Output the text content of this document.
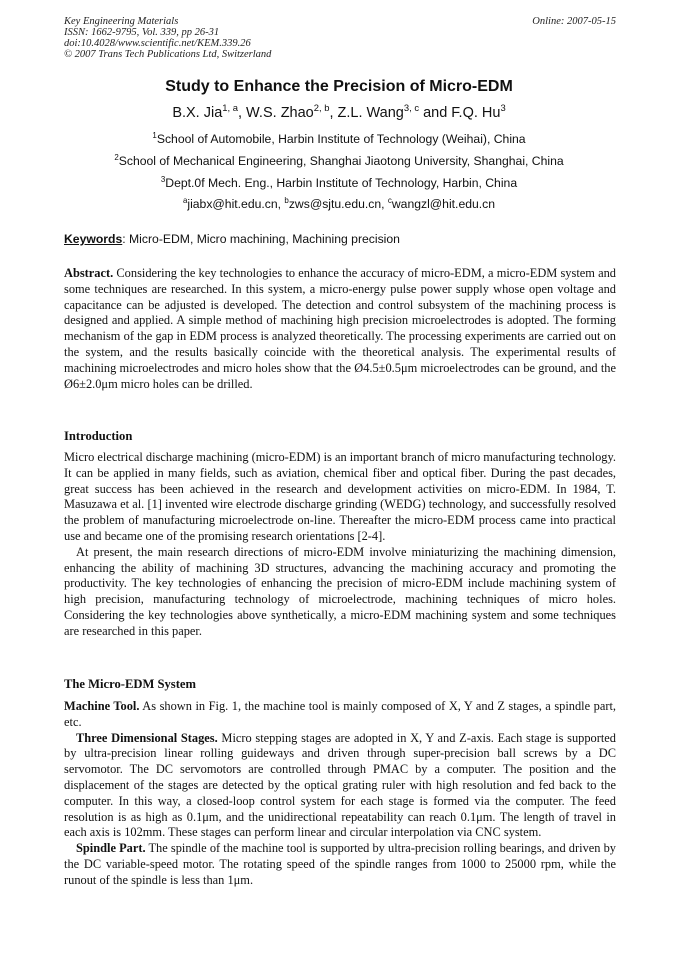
Key Engineering Materials
ISSN: 1662-9795, Vol. 339, pp 26-31
doi:10.4028/www.scientific.net/KEM.339.26
© 2007 Trans Tech Publications Ltd, Switzerland
Online: 2007-05-15
Study to Enhance the Precision of Micro-EDM
B.X. Jia$^{1, a}$, W.S. Zhao$^{2, b}$, Z.L. Wang$^{3, c}$ and F.Q. Hu$^3$
$^1$School of Automobile, Harbin Institute of Technology (Weihai), China
$^2$School of Mechanical Engineering, Shanghai Jiaotong University, Shanghai, China
$^3$Dept.0f Mech. Eng., Harbin Institute of Technology, Harbin, China
$^a$jiabx@hit.edu.cn, $^b$zws@sjtu.edu.cn, $^c$wangzl@hit.edu.cn
Keywords: Micro-EDM, Micro machining, Machining precision

Abstract. Considering the key technologies to enhance the accuracy of micro-EDM, a micro-EDM system and some techniques are researched. In this system, a micro-energy pulse power supply whose open voltage and capacitance can be adjusted is developed. The detection and control subsystem of the machining process is designed and applied. A simple method of machining high precision microelectrodes is adopted. The forming mechanism of the gap in EDM process is analyzed theoretically. The processing experiments are carried out on the system, and the results basically coincide with the theoretical analysis. The experimental results of machining microelectrodes and micro holes show that the Ø4.5±0.5μm microelectrodes can be ground, and the Ø6±2.0μm micro holes can be drilled.

Introduction

Micro electrical discharge machining (micro-EDM) is an important branch of micro manufacturing technology. It can be applied in many fields, such as aviation, chemical fiber and optical fiber. During the past decades, great success has been achieved in the research and development activities on micro-EDM. In 1984, T. Masuzawa et al. [1] invented wire electrode discharge grinding (WEDG) technology, and successfully resolved the problem of manufacturing microelectrode on-line. Thereafter the micro-EDM process came into practical use and became one of the promising research orientations [2-4].

At present, the main research directions of micro-EDM involve miniaturizing the machining dimension, enhancing the ability of machining 3D structures, advancing the machining accuracy and promoting the productivity. The key technologies of enhancing the precision of micro-EDM include machining system of high precision, manufacturing technology of microelectrode, machining techniques of micro holes. Considering the key technologies above synthetically, a micro-EDM machining system and some techniques are researched in this paper.

The Micro-EDM System

Machine Tool. As shown in Fig. 1, the machine tool is mainly composed of X, Y and Z stages, a spindle part, etc.

Three Dimensional Stages. Micro stepping stages are adopted in X, Y and Z-axis. Each stage is supported by ultra-precision linear rolling guideways and driven through super-precision ball screws by a DC servomotor. The DC servomotors are controlled through PMAC by a computer. The position and the displacement of the stages are detected by the optical grating ruler with high resolution and fed back to the computer. In this way, a closed-loop control system for each stage is formed via the computer. The feed resolution is as high as 0.1μm, and the unidirectional repeatability can reach 0.1μm. The length of travel in each axis is 102mm. These stages can perform linear and circular interpolation via CNC system.

Spindle Part. The spindle of the machine tool is supported by ultra-precision rolling bearings, and driven by the DC variable-speed motor. The rotating speed of the spindle ranges from 1000 to 25000 rpm, while the runout of the spindle is less than 1μm.
